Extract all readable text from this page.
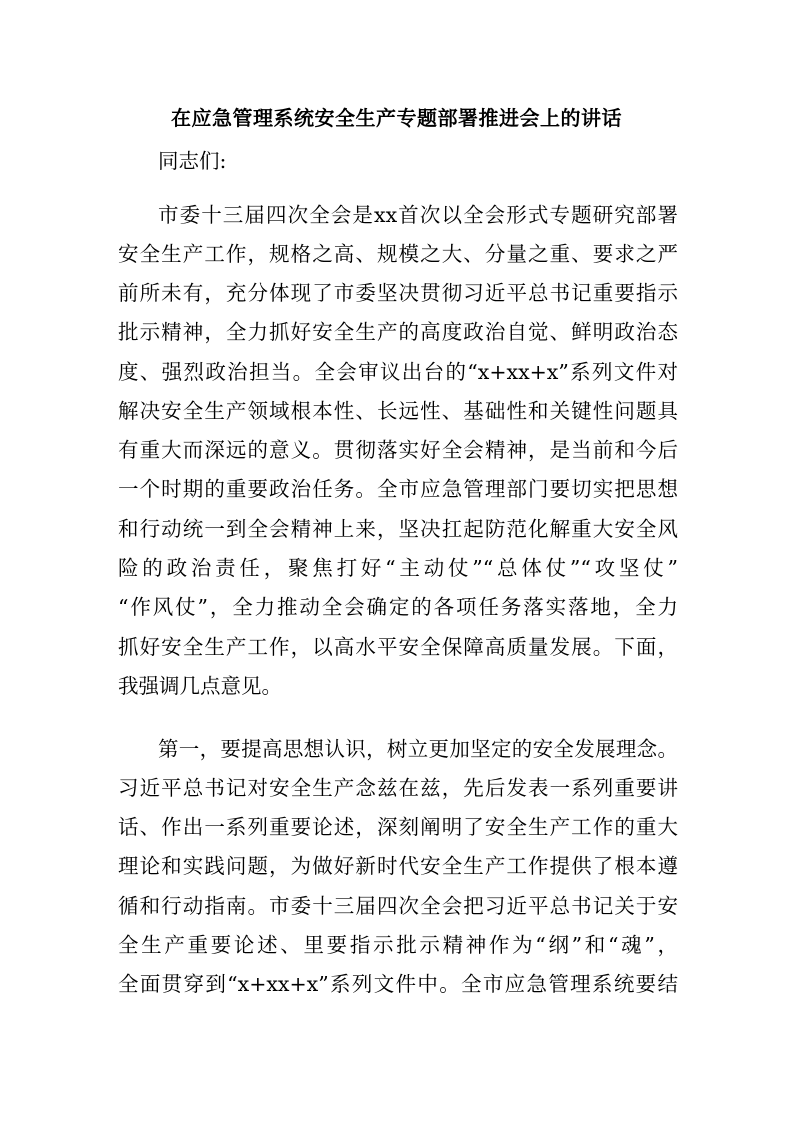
在应急管理系统安全生产专题部署推进会上的讲话

同志们:

市委十三届四次全会是xx首次以全会形式专题研究部署

安全生产工作，规格之高、规模之大、分量之重、要求之严

前所未有，充分体现了市委坚决贯彻习近平总书记重要指示

批示精神，全力抓好安全生产的高度政治自觉、鲜明政治态

度、强烈政治担当。全会审议出台的“x+xx+x”系列文件对

解决安全生产领域根本性、长远性、基础性和关键性问题具

有重大而深远的意义。贯彻落实好全会精神，是当前和今后

一个时期的重要政治任务。全市应急管理部门要切实把思想

和行动统一到全会精神上来，坚决扛起防范化解重大安全风

险的政治责任，聚焦打好“主动仗”“总体仗”“攻坚仗”

“作风仗”，全力推动全会确定的各项任务落实落地，全力

抓好安全生产工作，以高水平安全保障高质量发展。下面，

我强调几点意见。

第一，要提高思想认识，树立更加坚定的安全发展理念。

习近平总书记对安全生产念兹在兹，先后发表一系列重要讲

话、作出一系列重要论述，深刻阐明了安全生产工作的重大

理论和实践问题，为做好新时代安全生产工作提供了根本遵

循和行动指南。市委十三届四次全会把习近平总书记关于安

全生产重要论述、里要指示批示精神作为“纲”和“魂”，

全面贯穿到“x+xx+x”系列文件中。全市应急管理系统要结
